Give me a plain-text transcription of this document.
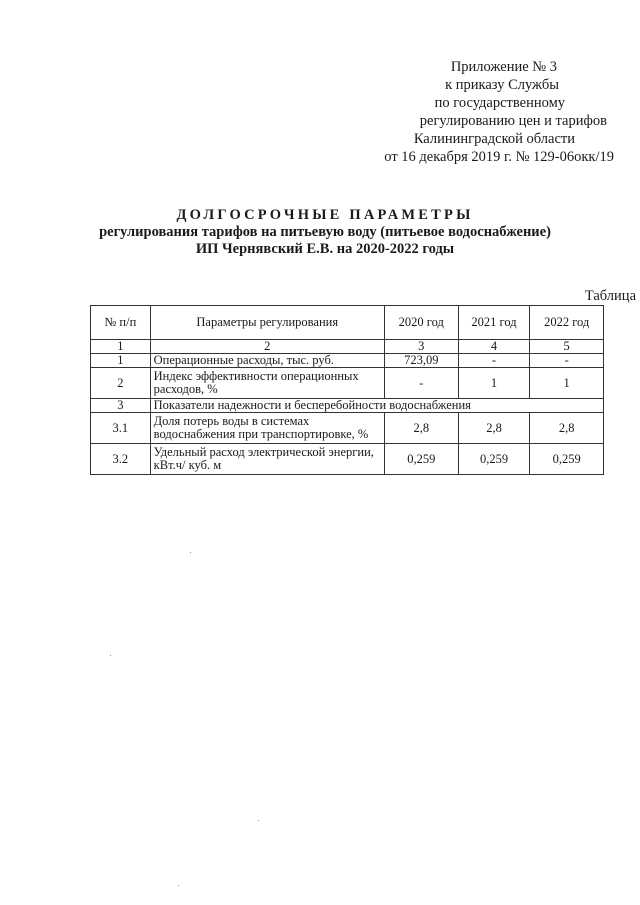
Приложение № 3
к приказу Службы
по государственному
регулированию цен и тарифов
Калининградской области
от 16 декабря 2019 г. № 129-06окк/19
ДОЛГОСРОЧНЫЕ ПАРАМЕТРЫ
регулирования тарифов на питьевую воду (питьевое водоснабжение)
ИП Чернявский Е.В. на 2020-2022 годы
Таблица
№ п/п	Параметры регулирования	2020 год	2021 год	2022 год
1	2	3	4	5
1	Операционные расходы, тыс. руб.	723,09	-	-
2	Индекс эффективности операционных расходов, %	-	1	1
3	Показатели надежности и бесперебойности водоснабжения			
3.1	Доля потерь воды в системах водоснабжения при транспортировке, %	2,8	2,8	2,8
3.2	Удельный расход электрической энергии, кВт.ч/ куб. м	0,259	0,259	0,259
